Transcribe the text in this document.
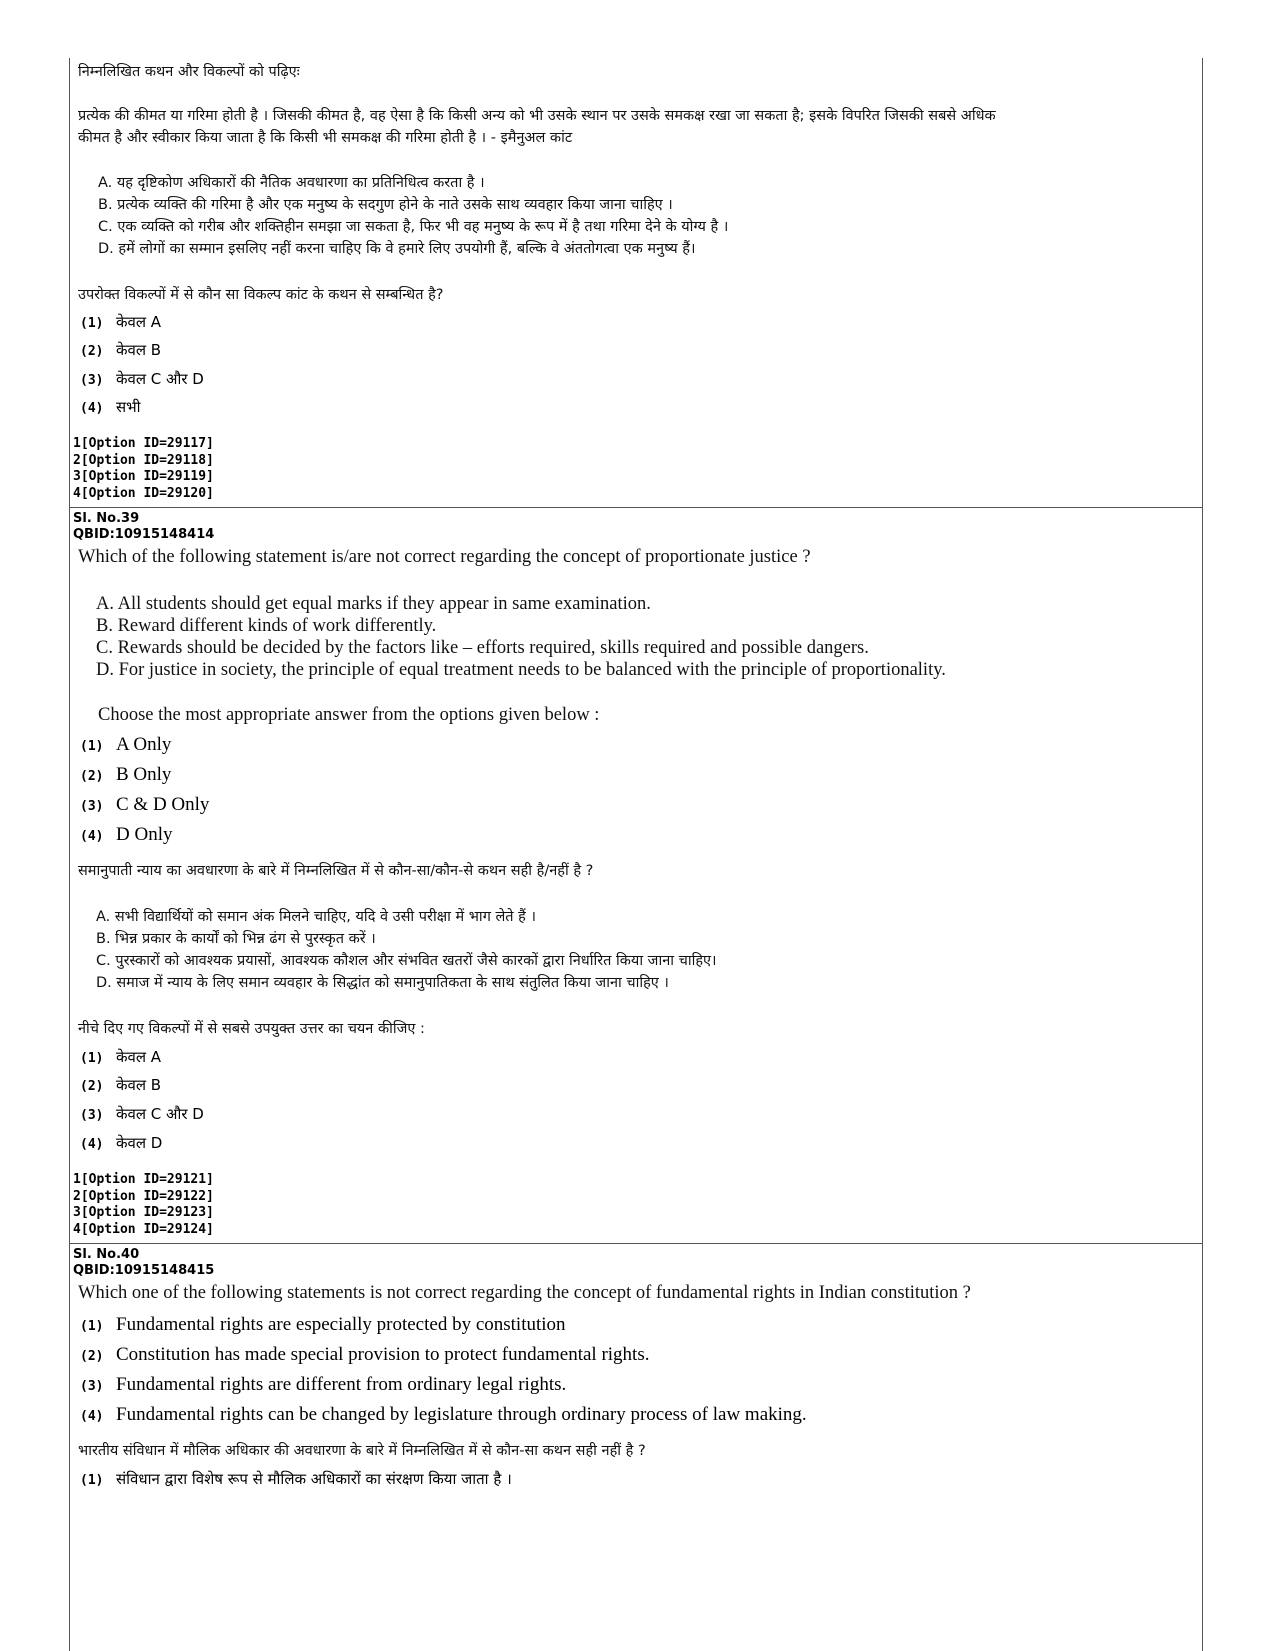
निम्नलिखित कथन और विकल्पों को पढ़िएः
प्रत्येक की कीमत या गरिमा होती है । जिसकी कीमत है, वह ऐसा है कि किसी अन्य को भी उसके स्थान पर उसके समकक्ष रखा जा सकता है; इसके विपरित जिसकी सबसे अधिक
कीमत है और स्वीकार किया जाता है कि किसी भी समकक्ष की गरिमा होती है । - इमैनुअल कांट
A. यह दृष्टिकोण अधिकारों की नैतिक अवधारणा का प्रतिनिधित्व करता है ।
B. प्रत्येक व्यक्ति की गरिमा है और एक मनुष्य के सदगुण होने के नाते उसके साथ व्यवहार किया जाना चाहिए ।
C. एक व्यक्ति को गरीब और शक्तिहीन समझा जा सकता है, फिर भी वह मनुष्य के रूप में है तथा गरिमा देने के योग्य है ।
D. हमें लोगों का सम्मान इसलिए नहीं करना चाहिए कि वे हमारे लिए उपयोगी हैं, बल्कि वे अंततोगत्वा एक मनुष्य हैं।
उपरोक्त विकल्पों में से कौन सा विकल्प कांट के कथन से सम्बन्धित है?
(1) केवल A
(2) केवल B
(3) केवल C और D
(4) सभी
1[Option ID=29117]
2[Option ID=29118]
3[Option ID=29119]
4[Option ID=29120]
Sl. No.39
QBID:10915148414
Which of the following statement is/are not correct regarding the concept of proportionate justice ?
A. All students should get equal marks if they appear in same examination.
B. Reward different kinds of work differently.
C. Rewards should be decided by the factors like – efforts required, skills required and possible dangers.
D. For justice in society, the principle of equal treatment needs to be balanced with the principle of proportionality.
Choose the most appropriate answer from the options given below :
(1) A Only
(2) B Only
(3) C & D Only
(4) D Only
समानुपाती न्याय का अवधारणा के बारे में निम्नलिखित में से कौन-सा/कौन-से कथन सही है/नहीं है ?
A. सभी विद्यार्थियों को समान अंक मिलने चाहिए, यदि वे उसी परीक्षा में भाग लेते हैं ।
B. भिन्न प्रकार के कार्यों को भिन्न ढंग से पुरस्कृत करें ।
C. पुरस्कारों को आवश्यक प्रयासों, आवश्यक कौशल और संभवित खतरों जैसे कारकों द्वारा निर्धारित किया जाना चाहिए।
D. समाज में न्याय के लिए समान व्यवहार के सिद्धांत को समानुपातिकता के साथ संतुलित किया जाना चाहिए ।
नीचे दिए गए विकल्पों में से सबसे उपयुक्त उत्तर का चयन कीजिए :
(1) केवल A
(2) केवल B
(3) केवल C और D
(4) केवल D
1[Option ID=29121]
2[Option ID=29122]
3[Option ID=29123]
4[Option ID=29124]
Sl. No.40
QBID:10915148415
Which one of the following statements is not correct regarding the concept of fundamental rights in Indian constitution ?
(1) Fundamental rights are especially protected by constitution
(2) Constitution has made special provision to protect fundamental rights.
(3) Fundamental rights are different from ordinary legal rights.
(4) Fundamental rights can be changed by legislature through ordinary process of law making.
भारतीय संविधान में मौलिक अधिकार की अवधारणा के बारे में निम्नलिखित में से कौन-सा कथन सही नहीं है ?
(1) संविधान द्वारा विशेष रूप से मौलिक अधिकारों का संरक्षण किया जाता है ।
